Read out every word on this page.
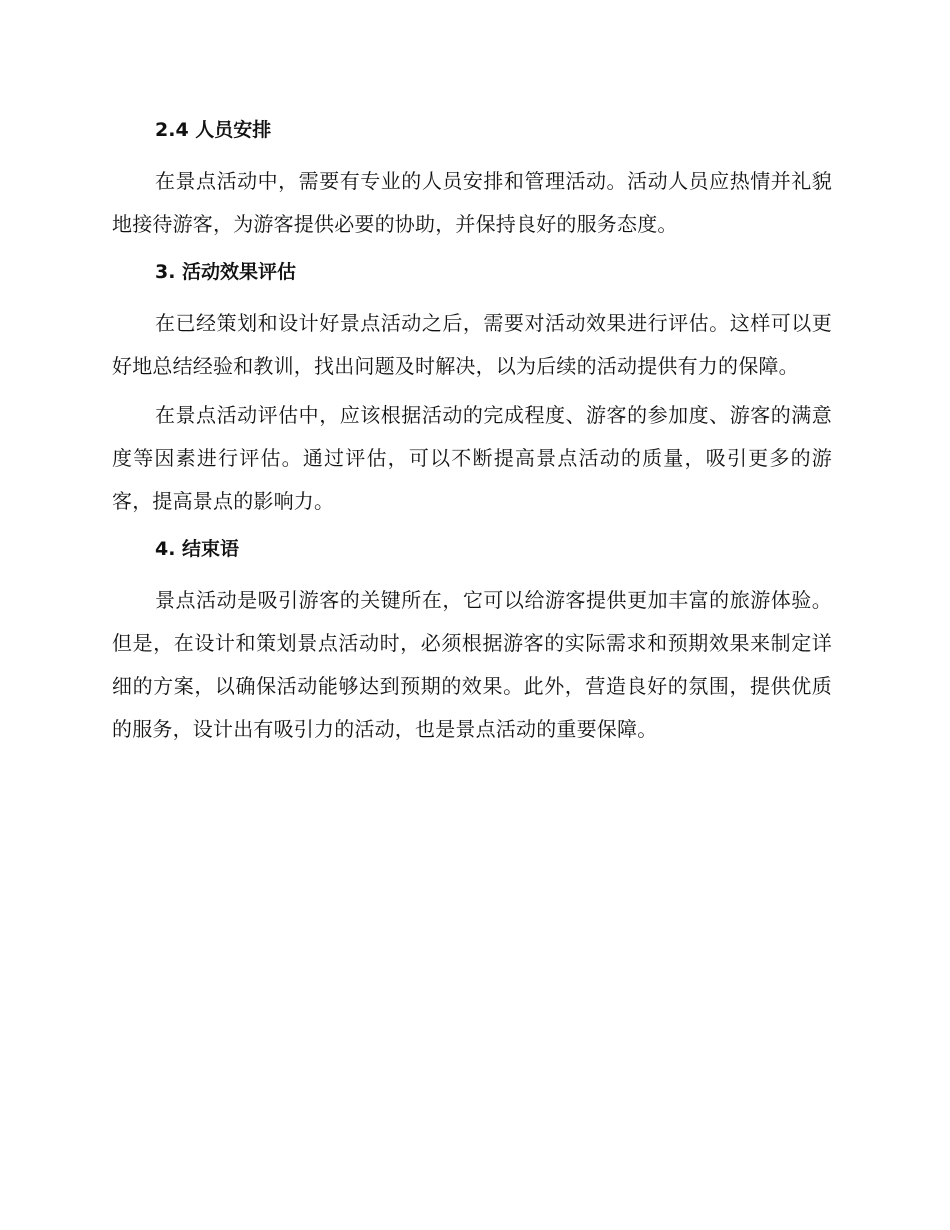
2.4 人员安排

在景点活动中，需要有专业的人员安排和管理活动。活动人员应热情并礼貌地接待游客，为游客提供必要的协助，并保持良好的服务态度。

3. 活动效果评估

在已经策划和设计好景点活动之后，需要对活动效果进行评估。这样可以更好地总结经验和教训，找出问题及时解决，以为后续的活动提供有力的保障。

在景点活动评估中，应该根据活动的完成程度、游客的参加度、游客的满意度等因素进行评估。通过评估，可以不断提高景点活动的质量，吸引更多的游客，提高景点的影响力。

4. 结束语

景点活动是吸引游客的关键所在，它可以给游客提供更加丰富的旅游体验。但是，在设计和策划景点活动时，必须根据游客的实际需求和预期效果来制定详细的方案，以确保活动能够达到预期的效果。此外，营造良好的氛围，提供优质的服务，设计出有吸引力的活动，也是景点活动的重要保障。
